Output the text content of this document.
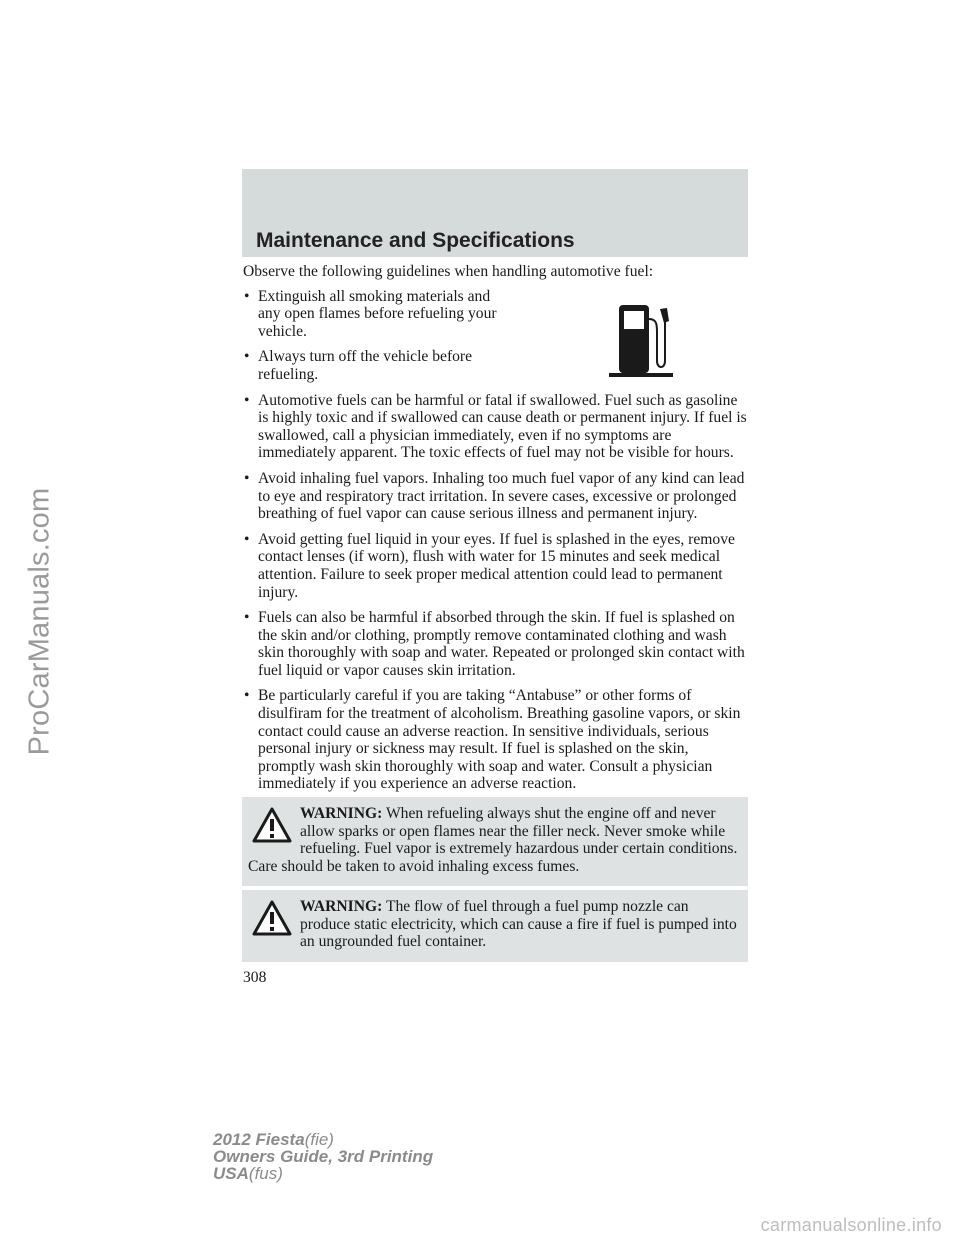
ProCarManuals.com
Maintenance and Specifications

Observe the following guidelines when handling automotive fuel:

• Extinguish all smoking materials and any open flames before refueling your vehicle.
• Always turn off the vehicle before refueling.
• Automotive fuels can be harmful or fatal if swallowed. Fuel such as gasoline is highly toxic and if swallowed can cause death or permanent injury. If fuel is swallowed, call a physician immediately, even if no symptoms are immediately apparent. The toxic effects of fuel may not be visible for hours.
• Avoid inhaling fuel vapors. Inhaling too much fuel vapor of any kind can lead to eye and respiratory tract irritation. In severe cases, excessive or prolonged breathing of fuel vapor can cause serious illness and permanent injury.
• Avoid getting fuel liquid in your eyes. If fuel is splashed in the eyes, remove contact lenses (if worn), flush with water for 15 minutes and seek medical attention. Failure to seek proper medical attention could lead to permanent injury.
• Fuels can also be harmful if absorbed through the skin. If fuel is splashed on the skin and/or clothing, promptly remove contaminated clothing and wash skin thoroughly with soap and water. Repeated or prolonged skin contact with fuel liquid or vapor causes skin irritation.
• Be particularly careful if you are taking “Antabuse” or other forms of disulfiram for the treatment of alcoholism. Breathing gasoline vapors, or skin contact could cause an adverse reaction. In sensitive individuals, serious personal injury or sickness may result. If fuel is splashed on the skin, promptly wash skin thoroughly with soap and water. Consult a physician immediately if you experience an adverse reaction.
WARNING: When refueling always shut the engine off and never allow sparks or open flames near the filler neck. Never smoke while refueling. Fuel vapor is extremely hazardous under certain conditions. Care should be taken to avoid inhaling excess fumes.
WARNING: The flow of fuel through a fuel pump nozzle can produce static electricity, which can cause a fire if fuel is pumped into an ungrounded fuel container.
308
2012 Fiesta(fie)
Owners Guide, 3rd Printing
USA(fus)
carmanualsonline.info
